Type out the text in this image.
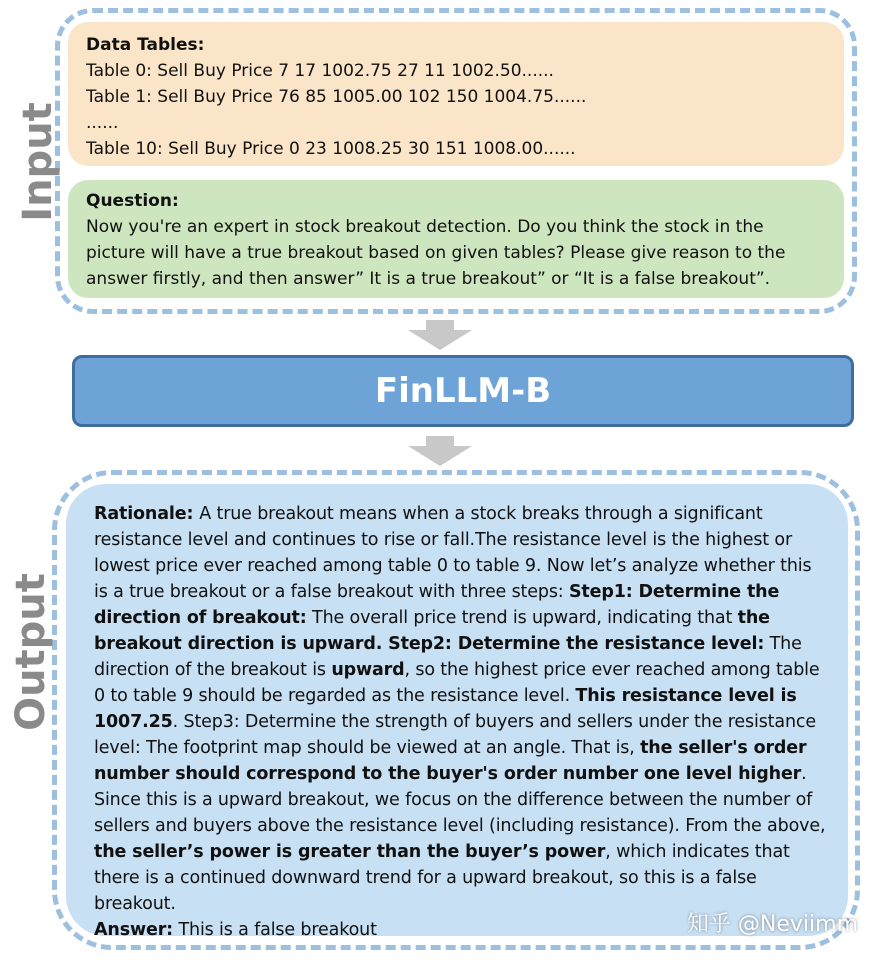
Input

Data Tables:

Table 0: Sell Buy Price 7 17 1002.75 27 11 1002.50......

Table 1: Sell Buy Price 76 85 1005.00 102 150 1004.75......

......

Table 10: Sell Buy Price 0 23 1008.25 30 151 1008.00......

Question:

Now you're an expert in stock breakout detection. Do you think the stock in the picture will have a true breakout based on given tables? Please give reason to the answer firstly, and then answer” It is a true breakout” or “It is a false breakout”.

FinLLM-B
Output

Rationale: A true breakout means when a stock breaks through a significant resistance level and continues to rise or fall.The resistance level is the highest or lowest price ever reached among table 0 to table 9. Now let’s analyze whether this is a true breakout or a false breakout with three steps: Step1: Determine the direction of breakout: The overall price trend is upward, indicating that the breakout direction is upward. Step2: Determine the resistance level: The direction of the breakout is upward, so the highest price ever reached among table 0 to table 9 should be regarded as the resistance level. This resistance level is 1007.25. Step3: Determine the strength of buyers and sellers under the resistance level: The footprint map should be viewed at an angle. That is, the seller's order number should correspond to the buyer's order number one level higher. Since this is a upward breakout, we focus on the difference between the number of sellers and buyers above the resistance level (including resistance). From the above, the seller’s power is greater than the buyer’s power, which indicates that there is a continued downward trend for a upward breakout, so this is a false breakout.

Answer: This is a false breakout	知乎 @Neviimm
